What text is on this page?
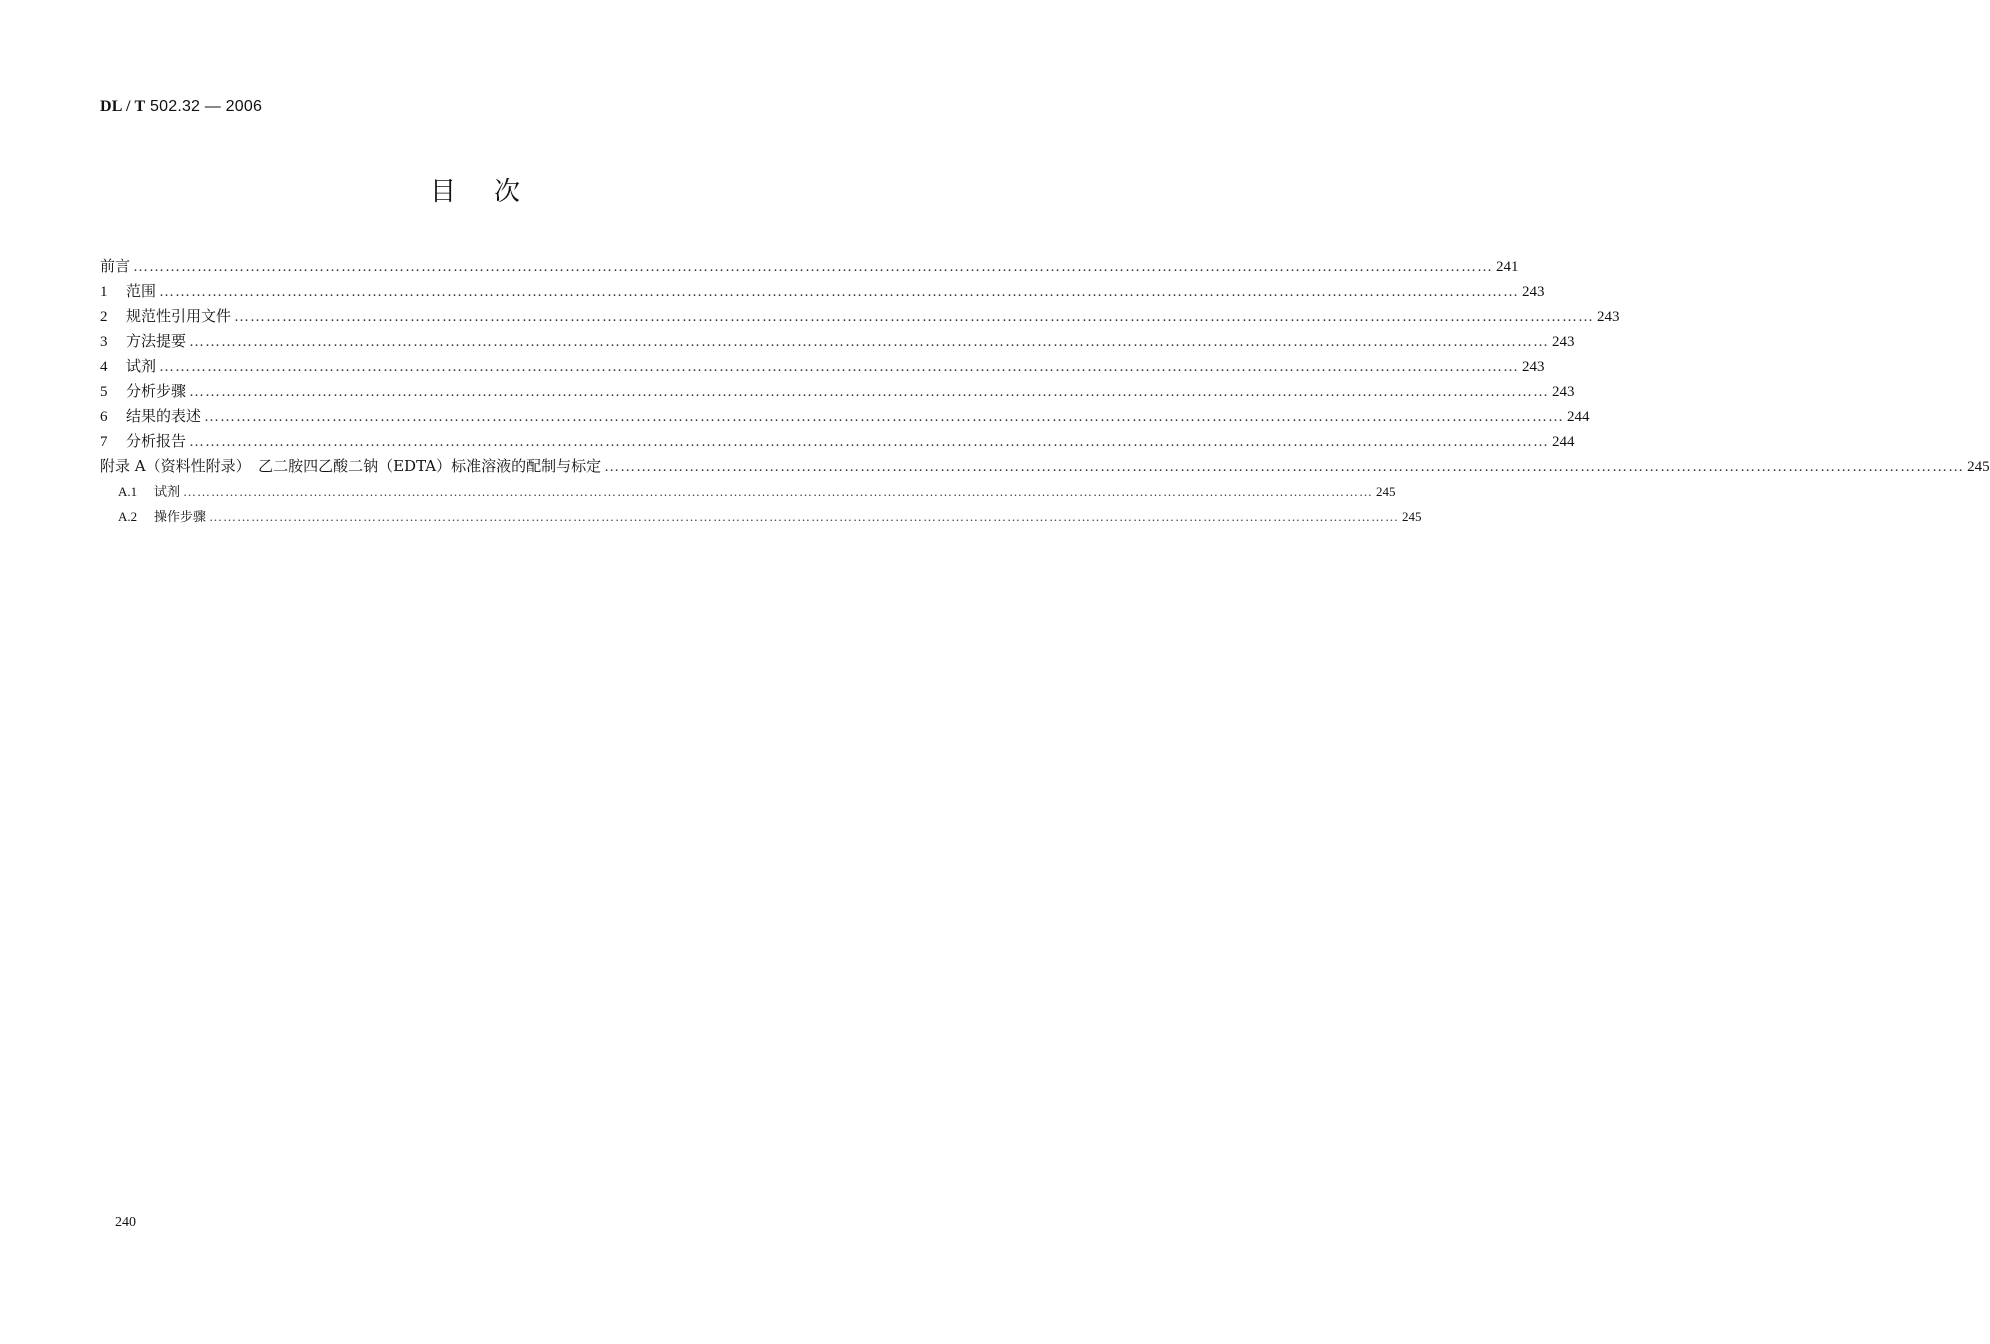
DL / T 502.32 — 2006
目次
前言 ………………………………………………………………………………………………………………………………………………………………………………………………………………………………… 241
1	范围 ………………………………………………………………………………………………………………………………………………………………………………………………………………………………… 243
2	规范性引用文件 ………………………………………………………………………………………………………………………………………………………………………………………………………………………………… 243
3	方法提要 ………………………………………………………………………………………………………………………………………………………………………………………………………………………………… 243
4	试剂 ………………………………………………………………………………………………………………………………………………………………………………………………………………………………… 243
5	分析步骤 ………………………………………………………………………………………………………………………………………………………………………………………………………………………………… 243
6	结果的表述 ………………………………………………………………………………………………………………………………………………………………………………………………………………………………… 244
7	分析报告 ………………………………………………………………………………………………………………………………………………………………………………………………………………………………… 244
附录 A（资料性附录）　乙二胺四乙酸二钠（EDTA）标准溶液的配制与标定 ………………………………………………………………………………………………………………………………………………………………………………………………………………………………… 245
A.1	试剂 ………………………………………………………………………………………………………………………………………………………………………………………………………………………………… 245
A.2	操作步骤 ………………………………………………………………………………………………………………………………………………………………………………………………………………………………… 245
240
